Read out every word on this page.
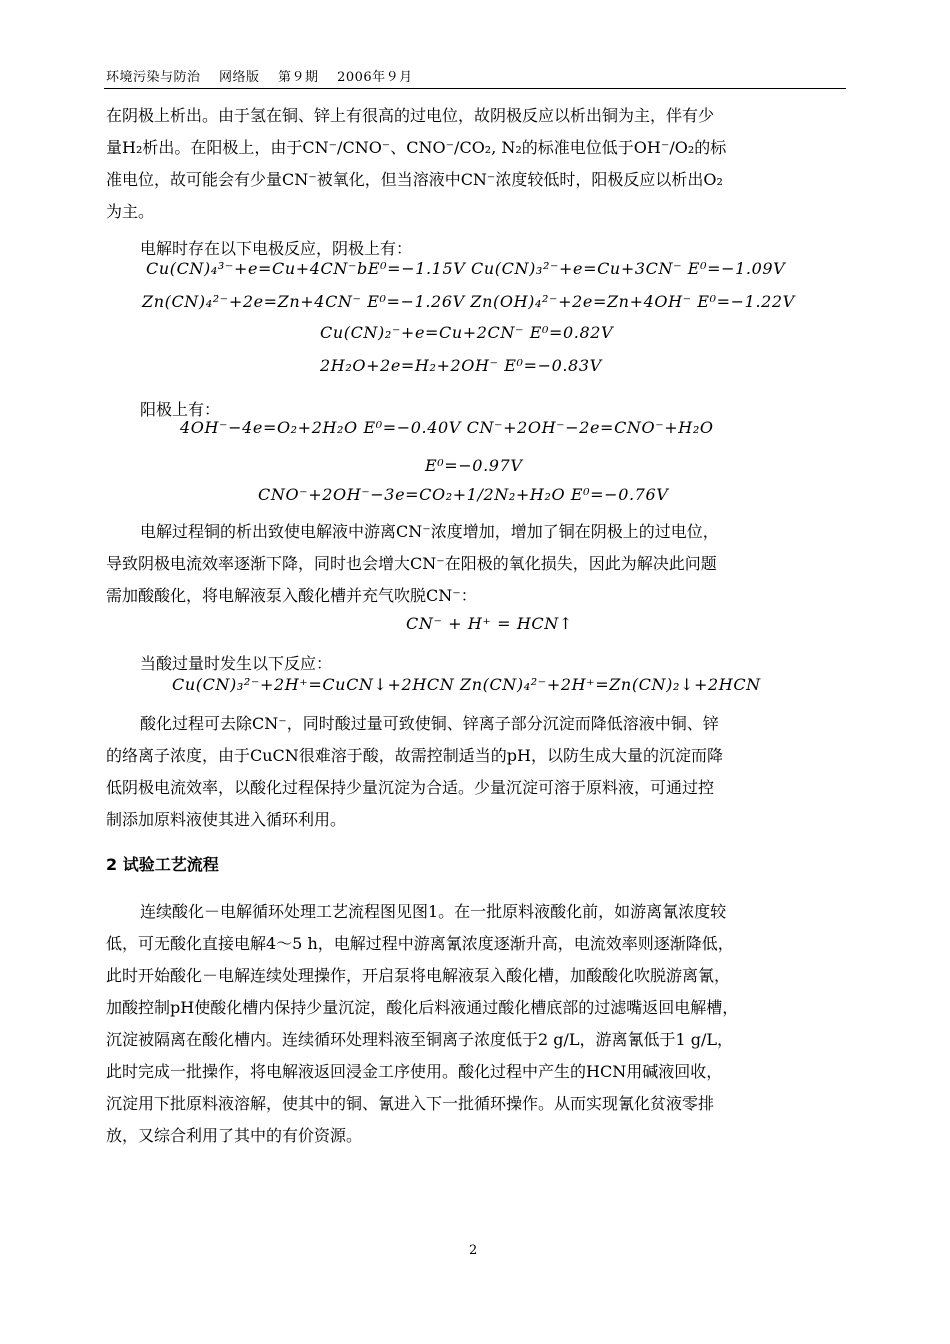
环境污染与防治    网络版    第９期    2006年９月
在阴极上析出。由于氢在铜、锌上有很高的过电位，故阴极反应以析出铜为主，伴有少
量H₂析出。在阳极上，由于CN⁻/CNO⁻、CNO⁻/CO₂, N₂的标准电位低于OH⁻/O₂的标
准电位，故可能会有少量CN⁻被氧化，但当溶液中CN⁻浓度较低时，阳极反应以析出O₂
为主。
电解时存在以下电极反应，阴极上有：
Cu(CN)₄³⁻+e=Cu+4CN⁻bE⁰=−1.15V Cu(CN)₃²⁻+e=Cu+3CN⁻ E⁰=−1.09V
Zn(CN)₄²⁻+2e=Zn+4CN⁻ E⁰=−1.26V Zn(OH)₄²⁻+2e=Zn+4OH⁻ E⁰=−1.22V
Cu(CN)₂⁻+e=Cu+2CN⁻ E⁰=0.82V
2H₂O+2e=H₂+2OH⁻ E⁰=−0.83V
阳极上有：
4OH⁻−4e=O₂+2H₂O E⁰=−0.40V CN⁻+2OH⁻−2e=CNO⁻+H₂O
E⁰=−0.97V
CNO⁻+2OH⁻−3e=CO₂+1/2N₂+H₂O E⁰=−0.76V
电解过程铜的析出致使电解液中游离CN⁻浓度增加，增加了铜在阴极上的过电位，
导致阴极电流效率逐渐下降，同时也会增大CN⁻在阳极的氧化损失，因此为解决此问题
需加酸酸化，将电解液泵入酸化槽并充气吹脱CN⁻：
CN⁻ + H⁺ = HCN↑
当酸过量时发生以下反应：
Cu(CN)₃²⁻+2H⁺=CuCN↓+2HCN Zn(CN)₄²⁻+2H⁺=Zn(CN)₂↓+2HCN
酸化过程可去除CN⁻，同时酸过量可致使铜、锌离子部分沉淀而降低溶液中铜、锌
的络离子浓度，由于CuCN很难溶于酸，故需控制适当的pH，以防生成大量的沉淀而降
低阴极电流效率，以酸化过程保持少量沉淀为合适。少量沉淀可溶于原料液，可通过控
制添加原料液使其进入循环利用。
2 试验工艺流程
连续酸化－电解循环处理工艺流程图见图1。在一批原料液酸化前，如游离氰浓度较
低，可无酸化直接电解4～5 h，电解过程中游离氰浓度逐渐升高，电流效率则逐渐降低，
此时开始酸化－电解连续处理操作，开启泵将电解液泵入酸化槽，加酸酸化吹脱游离氰，
加酸控制pH使酸化槽内保持少量沉淀，酸化后料液通过酸化槽底部的过滤嘴返回电解槽，
沉淀被隔离在酸化槽内。连续循环处理料液至铜离子浓度低于2 g/L，游离氰低于1 g/L，
此时完成一批操作，将电解液返回浸金工序使用。酸化过程中产生的HCN用碱液回收，
沉淀用下批原料液溶解，使其中的铜、氰进入下一批循环操作。从而实现氰化贫液零排
放，又综合利用了其中的有价资源。
2
